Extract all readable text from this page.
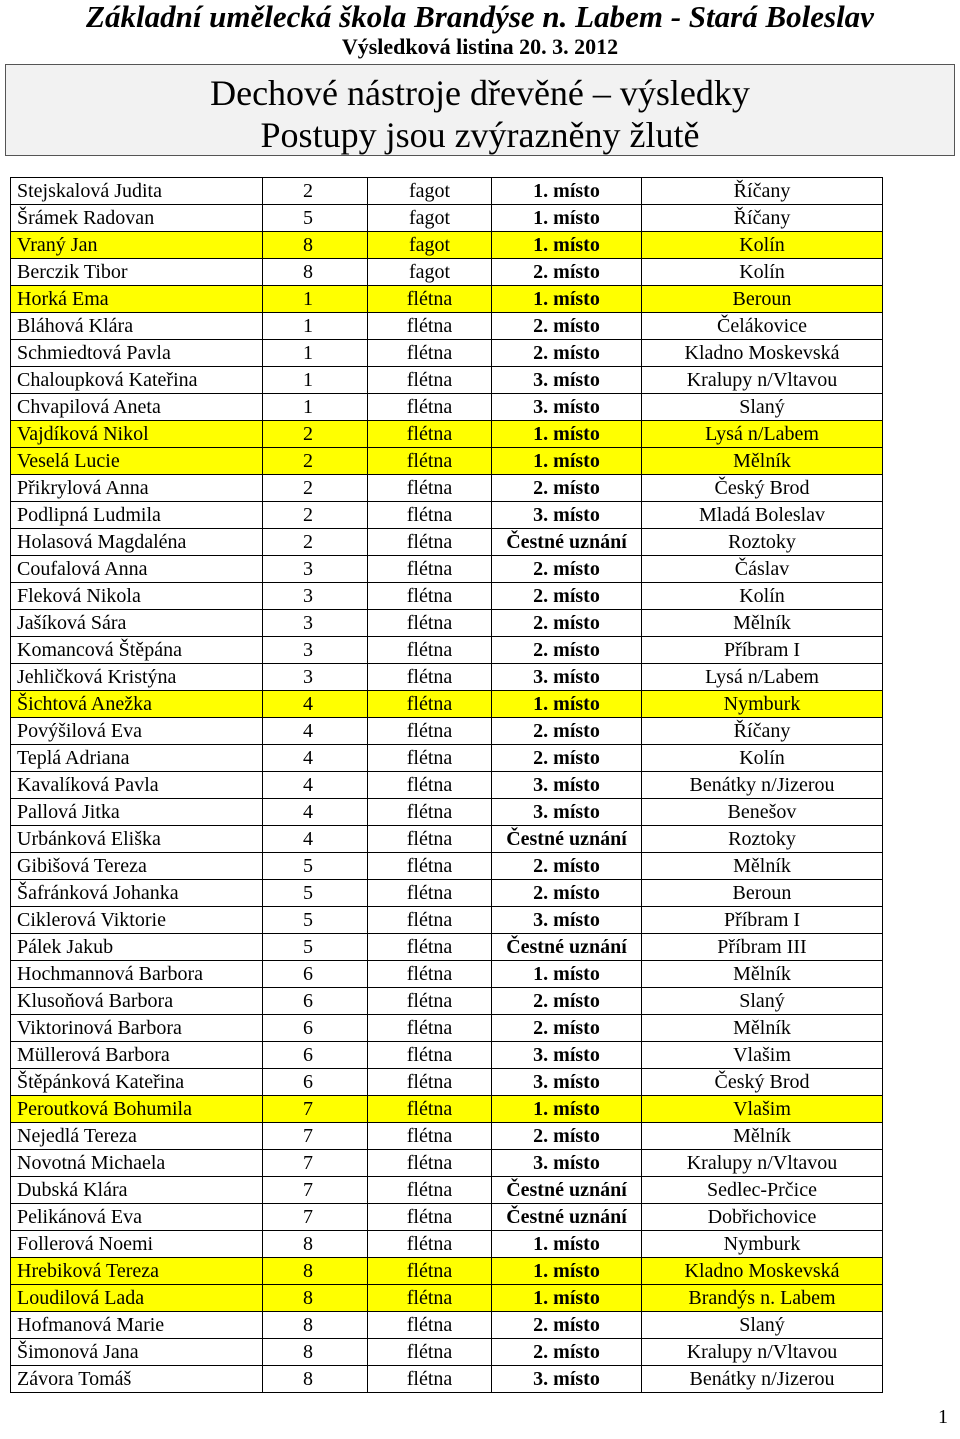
Základní umělecká škola Brandýse n. Labem - Stará Boleslav
Výsledková listina 20. 3. 2012
Dechové nástroje dřevěné – výsledky
Postupy jsou zvýrazněny žlutě
Stejskalová Judita	2	fagot	1. místo	Říčany
Šrámek Radovan	5	fagot	1. místo	Říčany
Vraný Jan	8	fagot	1. místo	Kolín
Berczik Tibor	8	fagot	2. místo	Kolín
Horká Ema	1	flétna	1. místo	Beroun
Bláhová Klára	1	flétna	2. místo	Čelákovice
Schmiedtová Pavla	1	flétna	2. místo	Kladno Moskevská
Chaloupková Kateřina	1	flétna	3. místo	Kralupy n/Vltavou
Chvapilová Aneta	1	flétna	3. místo	Slaný
Vajdíková Nikol	2	flétna	1. místo	Lysá n/Labem
Veselá Lucie	2	flétna	1. místo	Mělník
Přikrylová Anna	2	flétna	2. místo	Český Brod
Podlipná Ludmila	2	flétna	3. místo	Mladá Boleslav
Holasová Magdaléna	2	flétna	Čestné uznání	Roztoky
Coufalová Anna	3	flétna	2. místo	Čáslav
Fleková Nikola	3	flétna	2. místo	Kolín
Jašíková Sára	3	flétna	2. místo	Mělník
Komancová Štěpána	3	flétna	2. místo	Příbram I
Jehličková Kristýna	3	flétna	3. místo	Lysá n/Labem
Šichtová Anežka	4	flétna	1. místo	Nymburk
Povýšilová Eva	4	flétna	2. místo	Říčany
Teplá Adriana	4	flétna	2. místo	Kolín
Kavalíková Pavla	4	flétna	3. místo	Benátky n/Jizerou
Pallová Jitka	4	flétna	3. místo	Benešov
Urbánková Eliška	4	flétna	Čestné uznání	Roztoky
Gibišová Tereza	5	flétna	2. místo	Mělník
Šafránková Johanka	5	flétna	2. místo	Beroun
Ciklerová Viktorie	5	flétna	3. místo	Příbram I
Pálek Jakub	5	flétna	Čestné uznání	Příbram III
Hochmannová Barbora	6	flétna	1. místo	Mělník
Klusoňová Barbora	6	flétna	2. místo	Slaný
Viktorinová Barbora	6	flétna	2. místo	Mělník
Müllerová Barbora	6	flétna	3. místo	Vlašim
Štěpánková Kateřina	6	flétna	3. místo	Český Brod
Peroutková Bohumila	7	flétna	1. místo	Vlašim
Nejedlá Tereza	7	flétna	2. místo	Mělník
Novotná Michaela	7	flétna	3. místo	Kralupy n/Vltavou
Dubská Klára	7	flétna	Čestné uznání	Sedlec-Prčice
Pelikánová Eva	7	flétna	Čestné uznání	Dobřichovice
Follerová Noemi	8	flétna	1. místo	Nymburk
Hrebiková Tereza	8	flétna	1. místo	Kladno Moskevská
Loudilová Lada	8	flétna	1. místo	Brandýs n. Labem
Hofmanová Marie	8	flétna	2. místo	Slaný
Šimonová Jana	8	flétna	2. místo	Kralupy n/Vltavou
Závora Tomáš	8	flétna	3. místo	Benátky n/Jizerou
1
